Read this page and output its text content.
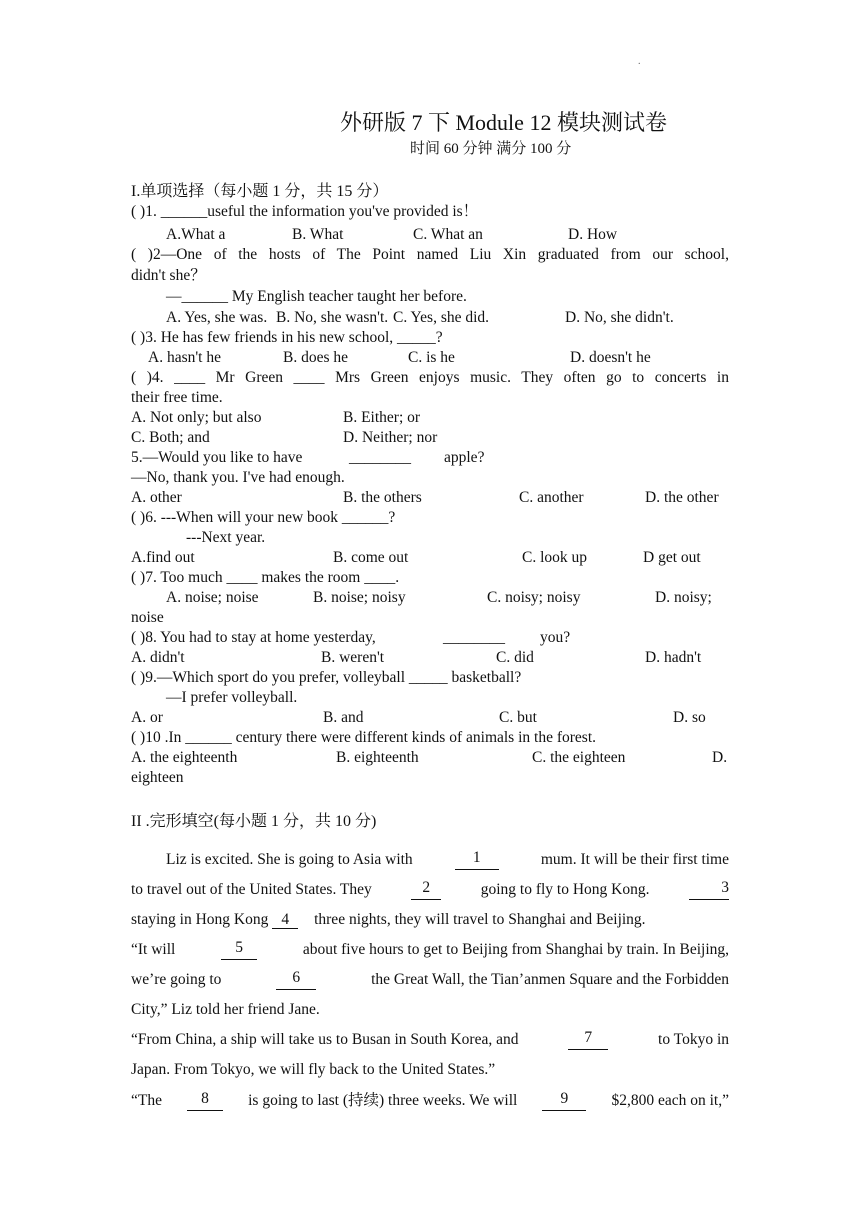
.
外研版 7 下 Module 12 模块测试卷
时间 60 分钟 满分 100 分
I.单项选择（每小题 1 分，共 15 分）
( )1. ______useful the information you've provided is！
A.What a	B. What	C. What an	D. How
( )2—One of the hosts of The Point named Liu Xin graduated from our school,
didn't she？
—______ My English teacher taught her before.
A. Yes, she was. B. No, she wasn't. C. Yes, she did.	D. No, she didn't.
( )3. He has few friends in his new school, _____?
A. hasn't he	B. does he	C. is he	D. doesn't he
( )4. ____ Mr Green ____ Mrs Green enjoys music. They often go to concerts in
their free time.
A. Not only; but also	B. Either; or
C. Both; and	D. Neither; nor
5.—Would you like to have	________ apple?
—No, thank you. I've had enough.
A. other	B. the others	C. another	D. the other
( )6. ---When will your new book ______?
---Next year.
A.find out	B. come out	C. look up	D get out
( )7. Too much ____ makes the room ____.
A. noise; noise	B. noise; noisy	C. noisy; noisy	D. noisy;
noise
( )8. You had to stay at home yesterday,	________ you?
A. didn't	B. weren't	C. did	D. hadn't
( )9.—Which sport do you prefer, volleyball _____ basketball?
—I prefer volleyball.
A. or	B. and	C. but	D. so
( )10 .In ______ century there were different kinds of animals in the forest.
A. the eighteenth	B. eighteenth	C. the eighteen	D.
eighteen
II .完形填空(每小题 1 分，共 10 分)
Liz is excited. She is going to Asia with	1	mum. It will be their first time
to travel out of the United States. They	2	going to fly to Hong Kong.	3
staying in Hong Kong 4 three nights, they will travel to Shanghai and Beijing.
“It will	5	about five hours to get to Beijing from Shanghai by train. In Beijing,
we’re going to	6	the Great Wall, the Tian’anmen Square and the Forbidden
City,” Liz told her friend Jane.
“From China, a ship will take us to Busan in South Korea, and	7	to Tokyo in
Japan. From Tokyo, we will fly back to the United States.”
“The	8	is going to last (持续) three weeks. We will	9	$2,800 each on it,”
